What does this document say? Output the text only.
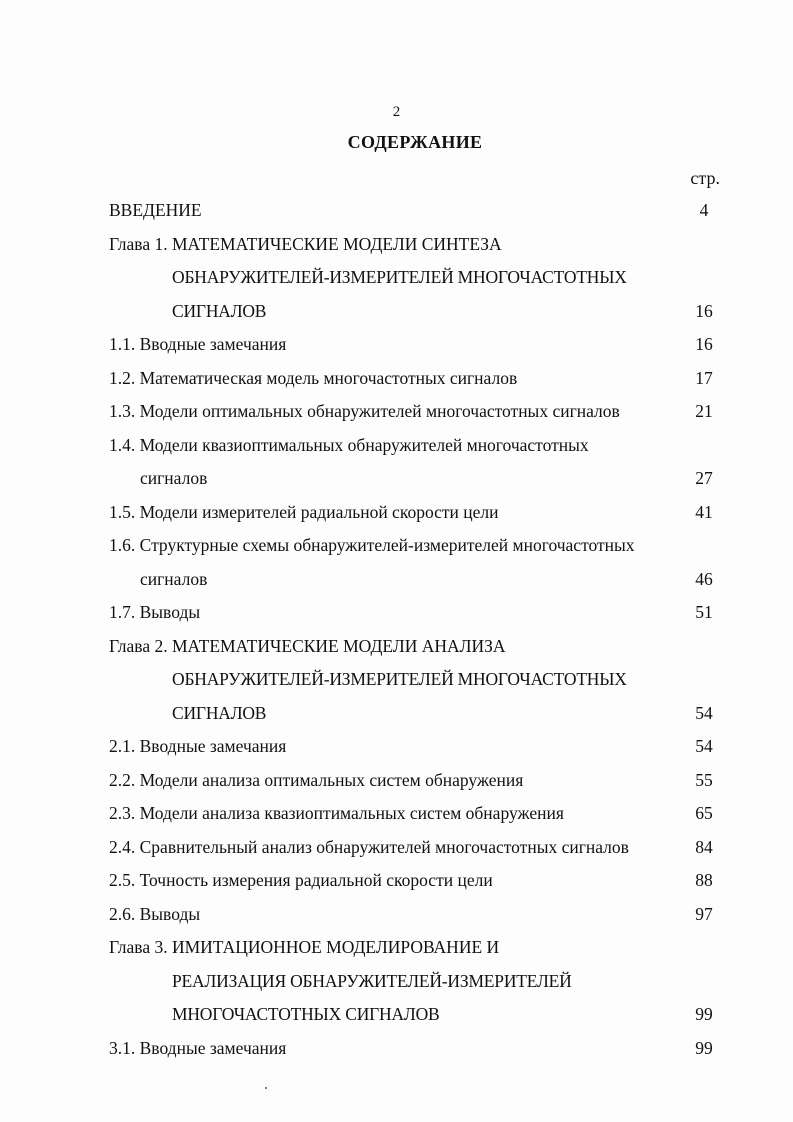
2
СОДЕРЖАНИЕ
стр.
ВВЕДЕНИЕ	4
Глава 1. МАТЕМАТИЧЕСКИЕ МОДЕЛИ СИНТЕЗА
ОБНАРУЖИТЕЛЕЙ-ИЗМЕРИТЕЛЕЙ МНОГОЧАСТОТНЫХ
СИГНАЛОВ	16
1.1. Вводные замечания	16
1.2. Математическая модель многочастотных сигналов	17
1.3. Модели оптимальных обнаружителей многочастотных сигналов	21
1.4. Модели квазиоптимальных обнаружителей многочастотных
сигналов	27
1.5. Модели измерителей радиальной скорости цели	41
1.6. Структурные схемы обнаружителей-измерителей многочастотных
сигналов	46
1.7. Выводы	51
Глава 2. МАТЕМАТИЧЕСКИЕ МОДЕЛИ АНАЛИЗА
ОБНАРУЖИТЕЛЕЙ-ИЗМЕРИТЕЛЕЙ МНОГОЧАСТОТНЫХ
СИГНАЛОВ	54
2.1. Вводные замечания	54
2.2. Модели анализа оптимальных систем обнаружения	55
2.3. Модели анализа квазиоптимальных систем обнаружения	65
2.4. Сравнительный анализ обнаружителей многочастотных сигналов	84
2.5. Точность измерения радиальной скорости цели	88
2.6. Выводы	97
Глава 3. ИМИТАЦИОННОЕ МОДЕЛИРОВАНИЕ И
РЕАЛИЗАЦИЯ ОБНАРУЖИТЕЛЕЙ-ИЗМЕРИТЕЛЕЙ
МНОГОЧАСТОТНЫХ СИГНАЛОВ	99
3.1. Вводные замечания	99
